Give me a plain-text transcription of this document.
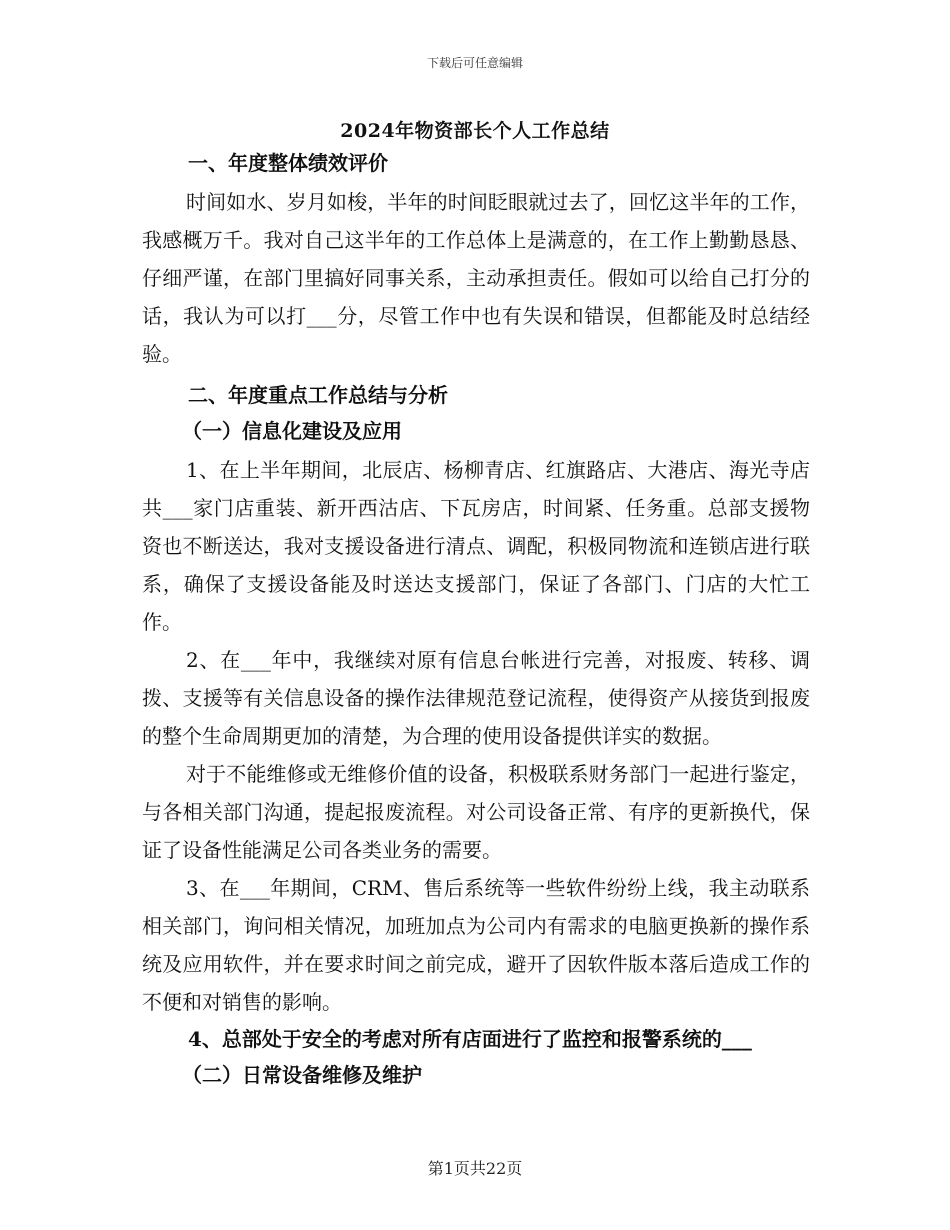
下载后可任意编辑
2024年物资部长个人工作总结
一、年度整体绩效评价

时间如水、岁月如梭，半年的时间眨眼就过去了，回忆这半年的工作，我感概万千。我对自己这半年的工作总体上是满意的，在工作上勤勤恳恳、仔细严谨，在部门里搞好同事关系，主动承担责任。假如可以给自己打分的话，我认为可以打___分，尽管工作中也有失误和错误，但都能及时总结经验。

二、年度重点工作总结与分析
（一）信息化建设及应用

1、在上半年期间，北辰店、杨柳青店、红旗路店、大港店、海光寺店共___家门店重装、新开西沽店、下瓦房店，时间紧、任务重。总部支援物资也不断送达，我对支援设备进行清点、调配，积极同物流和连锁店进行联系，确保了支援设备能及时送达支援部门，保证了各部门、门店的大忙工作。

2、在___年中，我继续对原有信息台帐进行完善，对报废、转移、调拨、支援等有关信息设备的操作法律规范登记流程，使得资产从接货到报废的整个生命周期更加的清楚，为合理的使用设备提供详实的数据。

对于不能维修或无维修价值的设备，积极联系财务部门一起进行鉴定，与各相关部门沟通，提起报废流程。对公司设备正常、有序的更新换代，保证了设备性能满足公司各类业务的需要。

3、在___年期间，CRM、售后系统等一些软件纷纷上线，我主动联系相关部门，询问相关情况，加班加点为公司内有需求的电脑更换新的操作系统及应用软件，并在要求时间之前完成，避开了因软件版本落后造成工作的不便和对销售的影响。

4、总部处于安全的考虑对所有店面进行了监控和报警系统的___

（二）日常设备维修及维护
第1页共22页
